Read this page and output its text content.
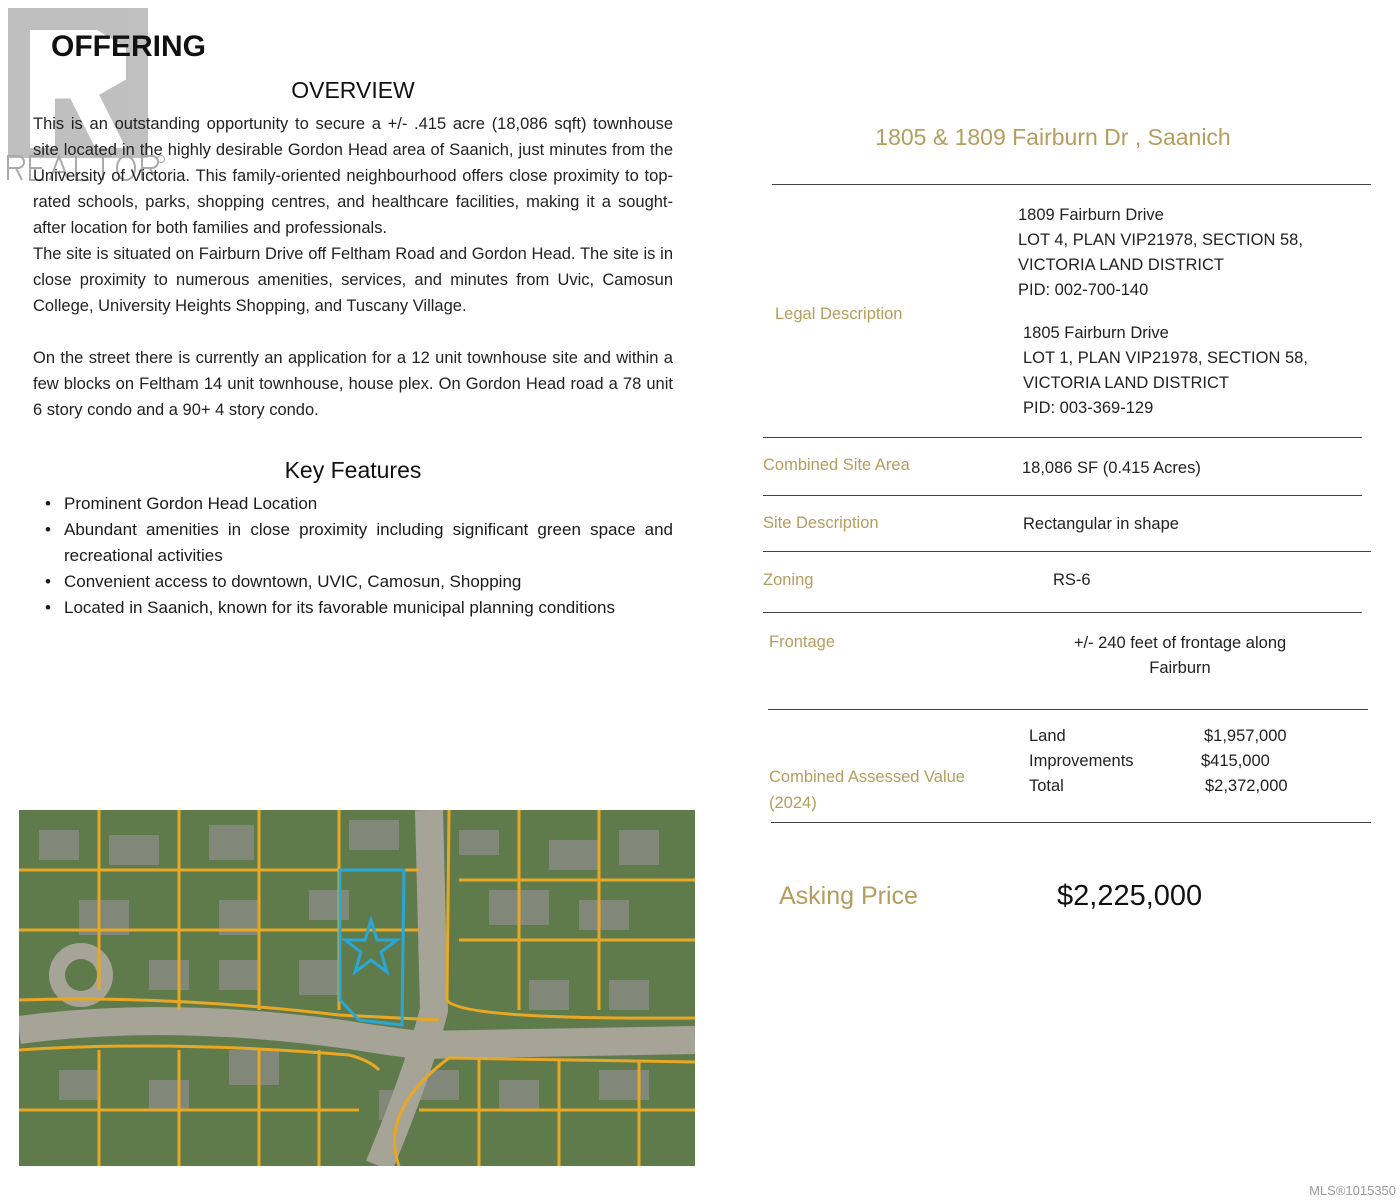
OFFERING
OVERVIEW

This is an outstanding opportunity to secure a +/- .415 acre (18,086 sqft) townhouse site located in the highly desirable Gordon Head area of Saanich, just minutes from the University of Victoria. This family-oriented neighbourhood offers close proximity to top-rated schools, parks, shopping centres, and healthcare facilities, making it a sought-after location for both families and professionals.

The site is situated on Fairburn Drive off Feltham Road and Gordon Head. The site is in close proximity to numerous amenities, services, and minutes from Uvic, Camosun College, University Heights Shopping, and Tuscany Village.

On the street there is currently an application for a 12 unit townhouse site and within a few blocks on Feltham 14 unit townhouse, house plex. On Gordon Head road a 78 unit 6 story condo and a 90+ 4 story condo.

Key Features
• Prominent Gordon Head Location
• Abundant amenities in close proximity including significant green space and recreational activities
• Convenient access to downtown, UVIC, Camosun, Shopping
• Located in Saanich, known for its favorable municipal planning conditions
1805 & 1809 Fairburn Dr , Saanich
Legal Description
1809 Fairburn Drive
LOT 4, PLAN VIP21978, SECTION 58,
VICTORIA LAND DISTRICT
PID: 002-700-140
1805 Fairburn Drive
LOT 1, PLAN VIP21978, SECTION 58,
VICTORIA LAND DISTRICT
PID: 003-369-129
Combined Site Area	18,086 SF (0.415 Acres)
Site Description	Rectangular in shape
Zoning	RS-6
Frontage	+/- 240 feet of frontage along
Fairburn
Combined Assessed Value
(2024)
Land	$1,957,000
Improvements	$415,000
Total	$2,372,000
Asking Price	$2,225,000
MLS®1015350
